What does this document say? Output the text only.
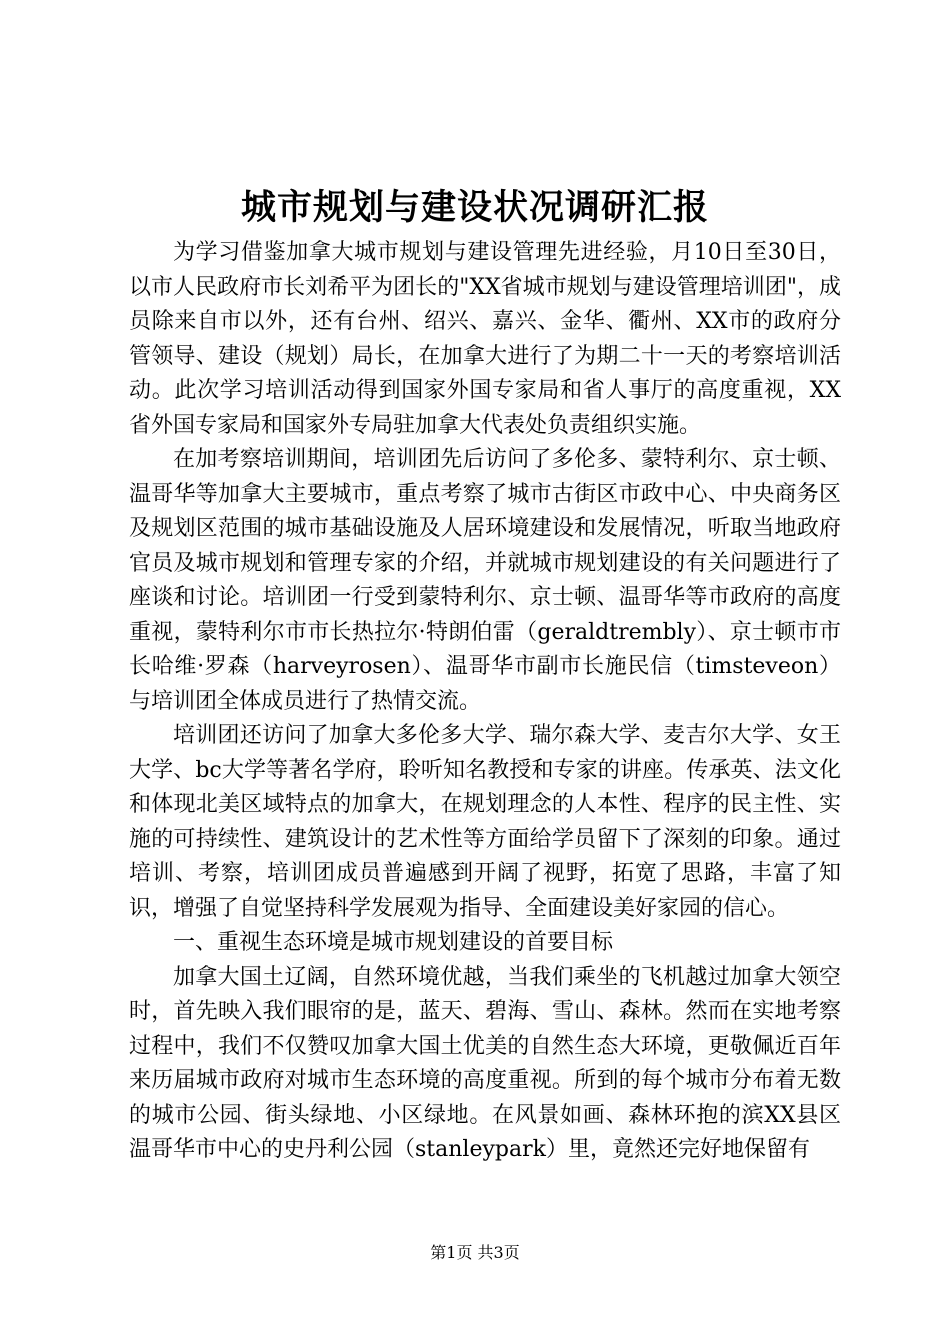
城市规划与建设状况调研汇报

为学习借鉴加拿大城市规划与建设管理先进经验，月10日至30日，以市人民政府市长刘希平为团长的"XX省城市规划与建设管理培训团"，成员除来自市以外，还有台州、绍兴、嘉兴、金华、衢州、XX市的政府分管领导、建设（规划）局长，在加拿大进行了为期二十一天的考察培训活动。此次学习培训活动得到国家外国专家局和省人事厅的高度重视，XX省外国专家局和国家外专局驻加拿大代表处负责组织实施。

在加考察培训期间，培训团先后访问了多伦多、蒙特利尔、京士顿、温哥华等加拿大主要城市，重点考察了城市古街区市政中心、中央商务区及规划区范围的城市基础设施及人居环境建设和发展情况，听取当地政府官员及城市规划和管理专家的介绍，并就城市规划建设的有关问题进行了座谈和讨论。培训团一行受到蒙特利尔、京士顿、温哥华等市政府的高度重视，蒙特利尔市市长热拉尔·特朗伯雷（geraldtrembly）、京士顿市市长哈维·罗森（harveyrosen）、温哥华市副市长施民信（timsteveon）与培训团全体成员进行了热情交流。

培训团还访问了加拿大多伦多大学、瑞尔森大学、麦吉尔大学、女王大学、bc大学等著名学府，聆听知名教授和专家的讲座。传承英、法文化和体现北美区域特点的加拿大，在规划理念的人本性、程序的民主性、实施的可持续性、建筑设计的艺术性等方面给学员留下了深刻的印象。通过培训、考察，培训团成员普遍感到开阔了视野，拓宽了思路，丰富了知识，增强了自觉坚持科学发展观为指导、全面建设美好家园的信心。

一、重视生态环境是城市规划建设的首要目标

加拿大国土辽阔，自然环境优越，当我们乘坐的飞机越过加拿大领空时，首先映入我们眼帘的是，蓝天、碧海、雪山、森林。然而在实地考察过程中，我们不仅赞叹加拿大国土优美的自然生态大环境，更敬佩近百年来历届城市政府对城市生态环境的高度重视。所到的每个城市分布着无数的城市公园、街头绿地、小区绿地。在风景如画、森林环抱的滨XX县区温哥华市中心的史丹利公园（stanleypark）里，竟然还完好地保留有

第1页 共3页
